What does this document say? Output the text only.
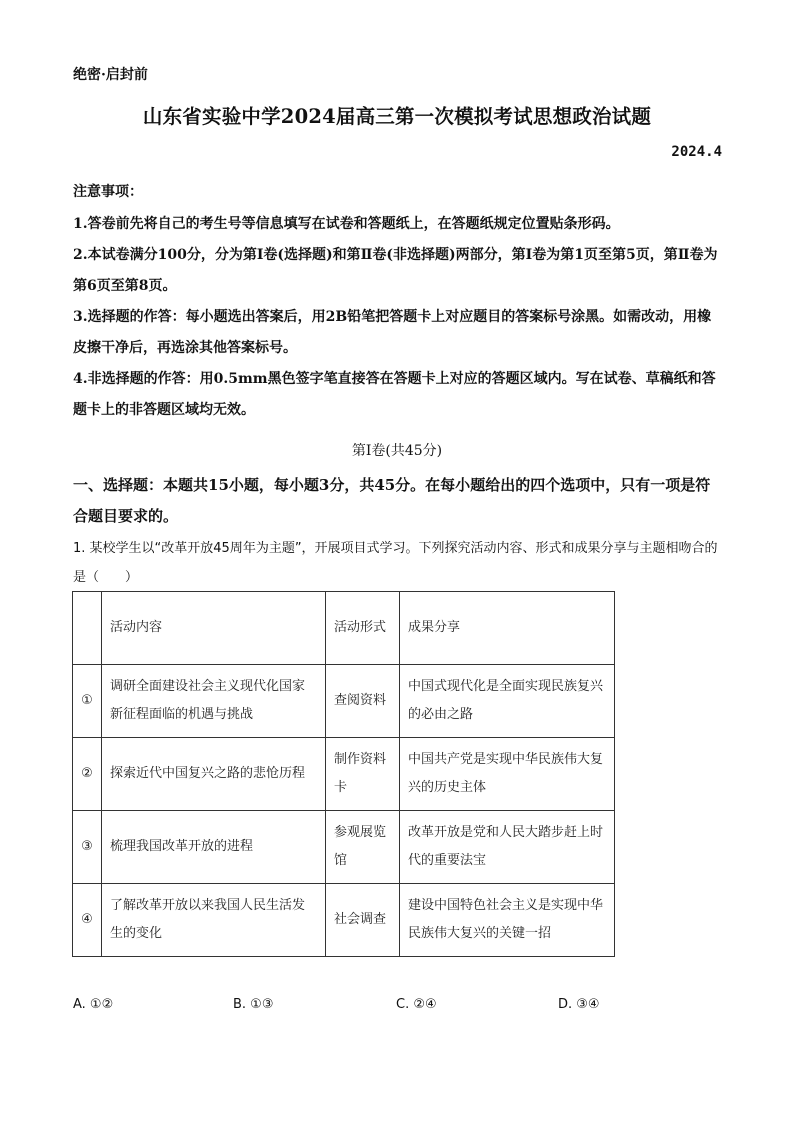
绝密·启封前
山东省实验中学2024届高三第一次模拟考试思想政治试题
2024.4
注意事项：

1.答卷前先将自己的考生号等信息填写在试卷和答题纸上，在答题纸规定位置贴条形码。

2.本试卷满分100分，分为第Ⅰ卷(选择题)和第Ⅱ卷(非选择题)两部分，第Ⅰ卷为第1页至第5页，第Ⅱ卷为第6页至第8页。

3.选择题的作答：每小题选出答案后，用2B铅笔把答题卡上对应题目的答案标号涂黑。如需改动，用橡皮擦干净后，再选涂其他答案标号。

4.非选择题的作答：用0.5mm黑色签字笔直接答在答题卡上对应的答题区域内。写在试卷、草稿纸和答题卡上的非答题区域均无效。

第Ⅰ卷(共45分)
一、选择题：本题共15小题，每小题3分，共45分。在每小题给出的四个选项中，只有一项是符合题目要求的。
1. 某校学生以“改革开放45周年为主题”，开展项目式学习。下列探究活动内容、形式和成果分享与主题相吻合的是（　　）
	活动内容	活动形式	成果分享
①	调研全面建设社会主义现代化国家新征程面临的机遇与挑战	查阅资料	中国式现代化是全面实现民族复兴的必由之路
②	探索近代中国复兴之路的悲怆历程	制作资料卡	中国共产党是实现中华民族伟大复兴的历史主体
③	梳理我国改革开放的进程	参观展览馆	改革开放是党和人民大踏步赶上时代的重要法宝
④	了解改革开放以来我国人民生活发生的变化	社会调查	建设中国特色社会主义是实现中华民族伟大复兴的关键一招
A. ①②	B. ①③	C. ②④	D. ③④
